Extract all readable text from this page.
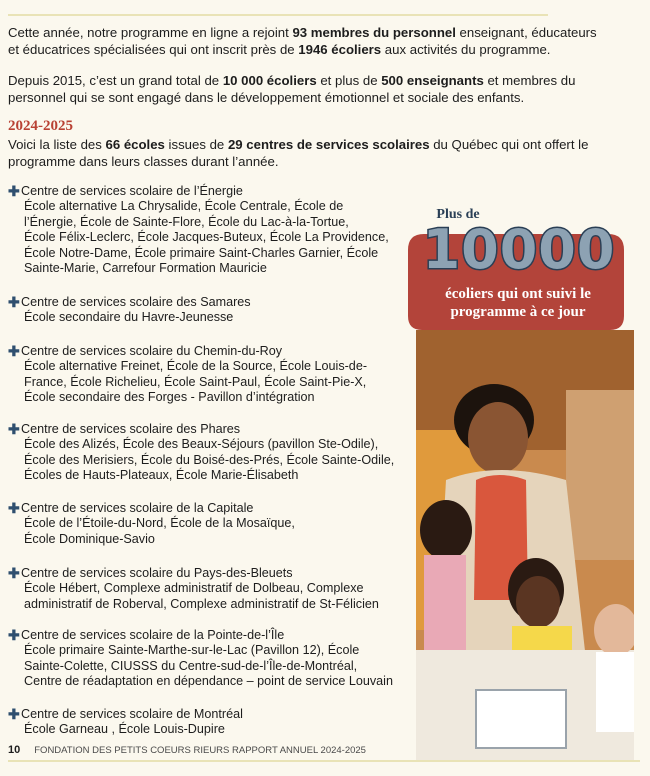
Cette année, notre programme en ligne a rejoint 93 membres du personnel enseignant, éducateurs et éducatrices spécialisées qui ont inscrit près de 1946 écoliers aux activités du programme.

Depuis 2015, c’est un grand total de 10 000 écoliers et plus de 500 enseignants et membres du personnel qui se sont engagé dans le développement émotionnel et sociale des enfants.

2024-2025

Voici la liste des 66 écoles issues de 29 centres de services scolaires du Québec qui ont offert le programme dans leurs classes durant l’année.

✚ Centre de services scolaire de l’Énergie
École alternative La Chrysalide, École Centrale, École de
l’Énergie, École de Sainte-Flore, École du Lac-à-la-Tortue,
École Félix-Leclerc, École Jacques-Buteux, École La Providence,
École Notre-Dame, École primaire Saint-Charles Garnier, École
Sainte-Marie, Carrefour Formation Mauricie
✚ Centre de services scolaire des Samares
École secondaire du Havre-Jeunesse
✚ Centre de services scolaire du Chemin-du-Roy
École alternative Freinet, École de la Source, École Louis-de-
France, École Richelieu, École Saint-Paul, École Saint-Pie-X,
École secondaire des Forges - Pavillon d’intégration
✚ Centre de services scolaire des Phares
École des Alizés, École des Beaux-Séjours (pavillon Ste-Odile),
École des Merisiers, École du Boisé-des-Prés, École Sainte-Odile,
Écoles de Hauts-Plateaux, École Marie-Élisabeth
✚ Centre de services scolaire de la Capitale
École de l’Étoile-du-Nord, École de la Mosaïque,
École Dominique-Savio
✚ Centre de services scolaire du Pays-des-Bleuets
École Hébert, Complexe administratif de Dolbeau, Complexe
administratif de Roberval, Complexe administratif de St-Félicien
✚ Centre de services scolaire de la Pointe-de-l’Île
École primaire Sainte-Marthe-sur-le-Lac (Pavillon 12), École
Sainte-Colette, CIUSSS du Centre-sud-de-l’Île-de-Montréal,
Centre de réadaptation en dépendance – point de service Louvain
✚ Centre de services scolaire de Montréal
École Garneau , École Louis-Dupire
Plus de
10000
écoliers qui ont suivi le
programme à ce jour
10 FONDATION DES PETITS COEURS RIEURS RAPPORT ANNUEL 2024-2025
